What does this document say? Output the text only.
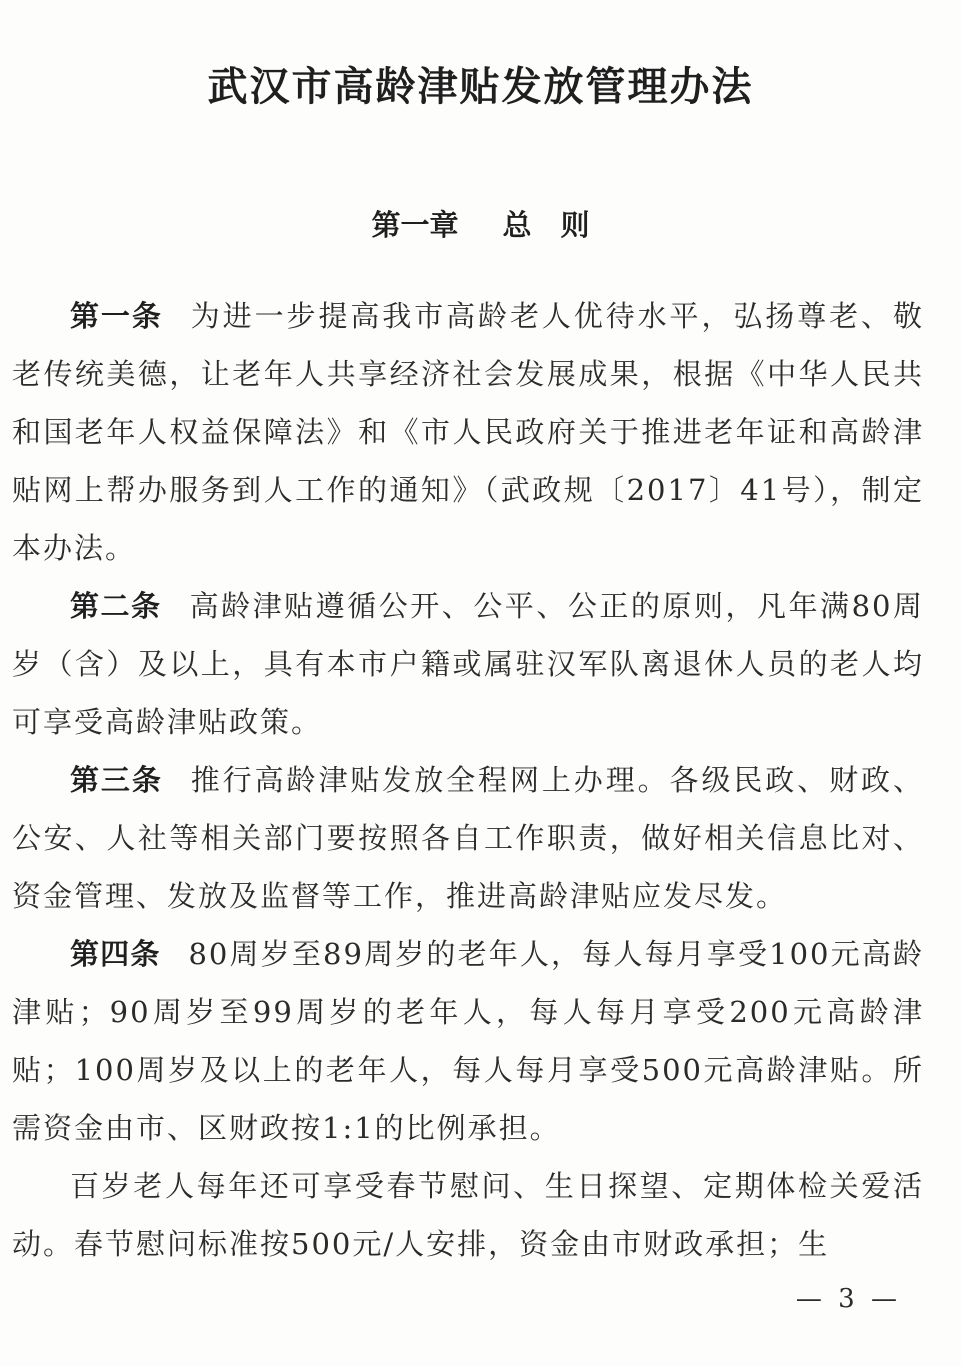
武汉市高龄津贴发放管理办法
第一章 总　则

第一条 为进一步提高我市高龄老人优待水平，弘扬尊老、敬老传统美德，让老年人共享经济社会发展成果，根据《中华人民共和国老年人权益保障法》和《市人民政府关于推进老年证和高龄津贴网上帮办服务到人工作的通知》（武政规〔2017〕41号），制定本办法。

第二条 高龄津贴遵循公开、公平、公正的原则，凡年满80周岁（含）及以上，具有本市户籍或属驻汉军队离退休人员的老人均可享受高龄津贴政策。

第三条 推行高龄津贴发放全程网上办理。各级民政、财政、公安、人社等相关部门要按照各自工作职责，做好相关信息比对、资金管理、发放及监督等工作，推进高龄津贴应发尽发。

第四条 80周岁至89周岁的老年人，每人每月享受100元高龄津贴；90周岁至99周岁的老年人，每人每月享受200元高龄津贴；100周岁及以上的老年人，每人每月享受500元高龄津贴。所需资金由市、区财政按1:1的比例承担。

百岁老人每年还可享受春节慰问、生日探望、定期体检关爱活动。春节慰问标准按500元/人安排，资金由市财政承担；生

— 3 —
